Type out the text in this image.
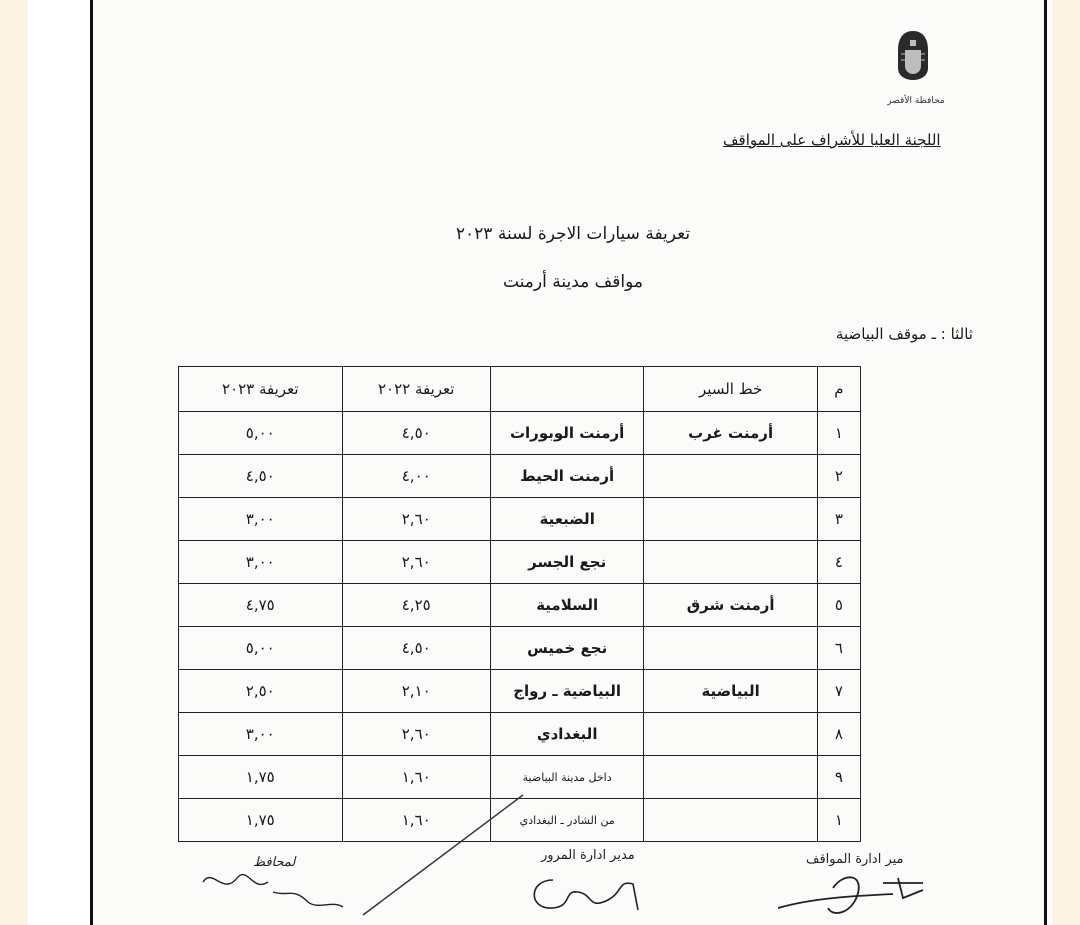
محافظة الأقصر
اللجنة العليا للأشراف على المواقف
تعريفة سيارات الاجرة لسنة ٢٠٢٣
مواقف مدينة أرمنت
ثالثا : ـ موقف البياضية
م	خط السير		تعريفة ٢٠٢٢	تعريفة ٢٠٢٣
١	أرمنت غرب	أرمنت الوبورات	٤,٥٠	٥,٠٠
٢		أرمنت الحيط	٤,٠٠	٤,٥٠
٣		الضبعية	٢,٦٠	٣,٠٠
٤		نجع الجسر	٢,٦٠	٣,٠٠
٥	أرمنت شرق	السلامية	٤,٢٥	٤,٧٥
٦		نجع خميس	٤,٥٠	٥,٠٠
٧	البياضية	البياضية ـ رواج	٢,١٠	٢,٥٠
٨		البغدادي	٢,٦٠	٣,٠٠
٩		داخل مدينة البياضية	١,٦٠	١,٧٥
١		من الشادر ـ البغدادي	١,٦٠	١,٧٥
مير ادارة المواقف
مدير ادارة المرور
لمحافظ
